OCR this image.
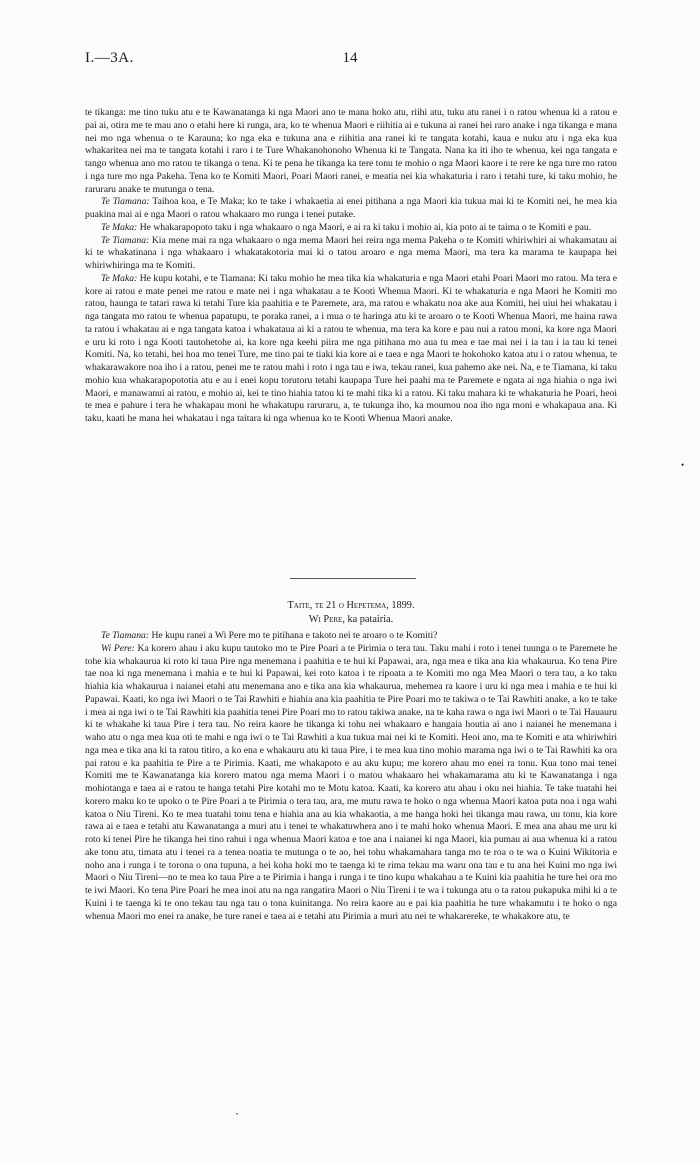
I.—3A.	14

te tikanga: me tino tuku atu e te Kawanatanga ki nga Maori ano te mana hoko atu, riihi atu, tuku atu ranei i o ratou whenua ki a ratou e pai ai, otira me te mau ano o etahi here ki runga, ara, ko te whenua Maori e riihitia ai e tukuna ai ranei hei raro anake i nga tikanga e mana nei mo nga whenua o te Karauna; ko nga eka e tukuna ana e riihitia ana ranei ki te tangata kotahi, kaua e nuku atu i nga eka kua whakaritea nei ma te tangata kotahi i raro i te Ture Whakanohonoho Whenua ki te Tangata. Nana ka iti iho te whenua, kei nga tangata e tango whenua ano mo ratou te tikanga o tena. Ki te pena he tikanga ka tere tonu te mohio o nga Maori kaore i te rere ke nga ture mo ratou i nga ture mo nga Pakeha. Tena ko te Komiti Maori, Poari Maori ranei, e meatia nei kia whakaturia i raro i tetahi ture, ki taku mohio, he raruraru anake te mutunga o tena.

Te Tiamana: Taihoa koa, e Te Maka; ko te take i whakaetia ai enei pitihana a nga Maori kia tukua mai ki te Komiti nei, he mea kia puakina mai ai e nga Maori o ratou whakaaro mo runga i tenei putake.

Te Maka: He whakarapopoto taku i nga whakaaro o nga Maori, e ai ra ki taku i mohio ai, kia poto ai te taima o te Komiti e pau.

Te Tiamana: Kia mene mai ra nga whakaaro o nga mema Maori hei reira nga mema Pakeha o te Komiti whiriwhiri ai whakamatau ai ki te whakatinana i nga whakaaro i whakatakotoria mai ki o tatou aroaro e nga mema Maori, ma tera ka marama te kaupapa hei whiriwhiringa ma te Komiti.

Te Maka: He kupu kotahi, e te Tiamana: Ki taku mohio he mea tika kia whakaturia e nga Maori etahi Poari Maori mo ratou. Ma tera e kore ai ratou e mate penei me ratou e mate nei i nga whakatau a te Kooti Whenua Maori. Ki te whakaturia e nga Maori he Komiti mo ratou, haunga te tatari rawa ki tetahi Ture kia paahitia e te Paremete, ara, ma ratou e whakatu noa ake aua Komiti, hei uiui hei whakatau i nga tangata mo ratou te whenua papatupu, te poraka ranei, a i mua o te haringa atu ki te aroaro o te Kooti Whenua Maori, me haina rawa ta ratou i whakatau ai e nga tangata katoa i whakataua ai ki a ratou te whenua, ma tera ka kore e pau nui a ratou moni, ka kore nga Maori e uru ki roto i nga Kooti tautohetohe ai, ka kore nga keehi piira me nga pitihana mo aua tu mea e tae mai nei i ia tau i ia tau ki tenei Komiti. Na, ko tetahi, hei hoa mo tenei Ture, me tino pai te tiaki kia kore ai e taea e nga Maori te hokohoko katoa atu i o ratou whenua, te whakarawakore noa iho i a ratou, penei me te ratou mahi i roto i nga tau e iwa, tekau ranei, kua pahemo ake nei. Na, e te Tiamana, ki taku mohio kua whakarapopototia atu e au i enei kopu torutoru tetahi kaupapa Ture hei paahi ma te Paremete e ngata ai nga hiahia o nga iwi Maori, e manawanui ai ratou, e mohio ai, kei te tino hiahia tatou ki te mahi tika ki a ratou. Ki taku mahara ki te whakaturia he Poari, heoi te mea e pahure i tera he whakapau moni he whakatupu raruraru, a, te tukunga iho, ka moumou noa iho nga moni e whakapaua ana. Ki taku, kaati he mana hei whakatau i nga taitara ki nga whenua ko te Kooti Whenua Maori anake.

Taite, te 21 o Hepetema, 1899.
Wi Pere, ka patairia.

Te Tiamana: He kupu ranei a Wi Pere mo te pitihana e takoto nei te aroaro o te Komiti?

Wi Pere: Ka korero ahau i aku kupu tautoko mo te Pire Poari a te Pirimia o tera tau. Taku mahi i roto i tenei tuunga o te Paremete he tohe kia whakaurua ki roto ki taua Pire nga menemana i paahitia e te hui ki Papawai, ara, nga mea e tika ana kia whakaurua. Ko tena Pire tae noa ki nga menemana i mahia e te hui ki Papawai, kei roto katoa i te ripoata a te Komiti mo nga Mea Maori o tera tau, a ko taku hiahia kia whakaurua i naianei etahi atu menemana ano e tika ana kia whakaurua, mehemea ra kaore i uru ki nga mea i mahia e te hui ki Papawai. Kaati, ko nga iwi Maori o te Tai Rawhiti e hiahia ana kia paahitia te Pire Poari mo te takiwa o te Tai Rawhiti anake, a ko te take i mea ai nga iwi o te Tai Rawhiti kia paahitia tenei Pire Poari mo to ratou takiwa anake, na te kaha rawa o nga iwi Maori o te Tai Hauauru ki te whakahe ki taua Pire i tera tau. No reira kaore he tikanga ki tohu nei whakaaro e hangaia houtia ai ano i naianei he menemana i waho atu o nga mea kua oti te mahi e nga iwi o te Tai Rawhiti a kua tukua mai nei ki te Komiti. Heoi ano, ma te Komiti e ata whiriwhiri nga mea e tika ana ki ta ratou titiro, a ko ena e whakauru atu ki taua Pire, i te mea kua tino mohio marama nga iwi o te Tai Rawhiti ka ora pai ratou e ka paahitia te Pire a te Pirimia. Kaati, me whakapoto e au aku kupu; me korero ahau mo enei ra tonu. Kua tono mai tenei Komiti me te Kawanatanga kia korero matou nga mema Maori i o matou whakaaro hei whakamarama atu ki te Kawanatanga i nga mohiotanga e taea ai e ratou te hanga tetahi Pire kotahi mo te Motu katoa. Kaati, ka korero atu ahau i oku nei hiahia. Te take tuatahi hei korero maku ko te upoko o te Pire Poari a te Pirimia o tera tau, ara, me mutu rawa te hoko o nga whenua Maori katoa puta noa i nga wahi katoa o Niu Tireni. Ko te mea tuatahi tonu tena e hiahia ana au kia whakaotia, a me hanga hoki hei tikanga mau rawa, uu tonu, kia kore rawa ai e taea e tetahi atu Kawanatanga a muri atu i tenei te whakatuwhera ano i te mahi hoko whenua Maori. E mea ana ahau me uru ki roto ki tenei Pire he tikanga hei tino rahui i nga whenua Maori katoa e toe ana i naianei ki nga Maori, kia pumau ai aua whenua ki a ratou ake tonu atu, timata atu i tenei ra a tenea noatia te mutunga o te ao, hei tohu whakamahara tanga mo te roa o te wa o Kuini Wikitoria e noho ana i runga i te torona o ona tupuna, a hei koha hoki mo te taenga ki te rima tekau ma waru ona tau e tu ana hei Kuini mo nga iwi Maori o Niu Tireni—no te mea ko taua Pire a te Pirimia i hanga i runga i te tino kupu whakahau a te Kuini kia paahitia he ture hei ora mo te iwi Maori. Ko tena Pire Poari he mea inoi atu na nga rangatira Maori o Niu Tireni i te wa i tukunga atu o ta ratou pukapuka mihi ki a te Kuini i te taenga ki te ono tekau tau nga tau o tona kuinitanga. No reira kaore au e pai kia paahitia he ture whakamutu i te hoko o nga whenua Maori mo enei ra anake, he ture ranei e taea ai e tetahi atu Pirimia a muri atu nei te whakarereke, te whakakore atu, te

•
•
